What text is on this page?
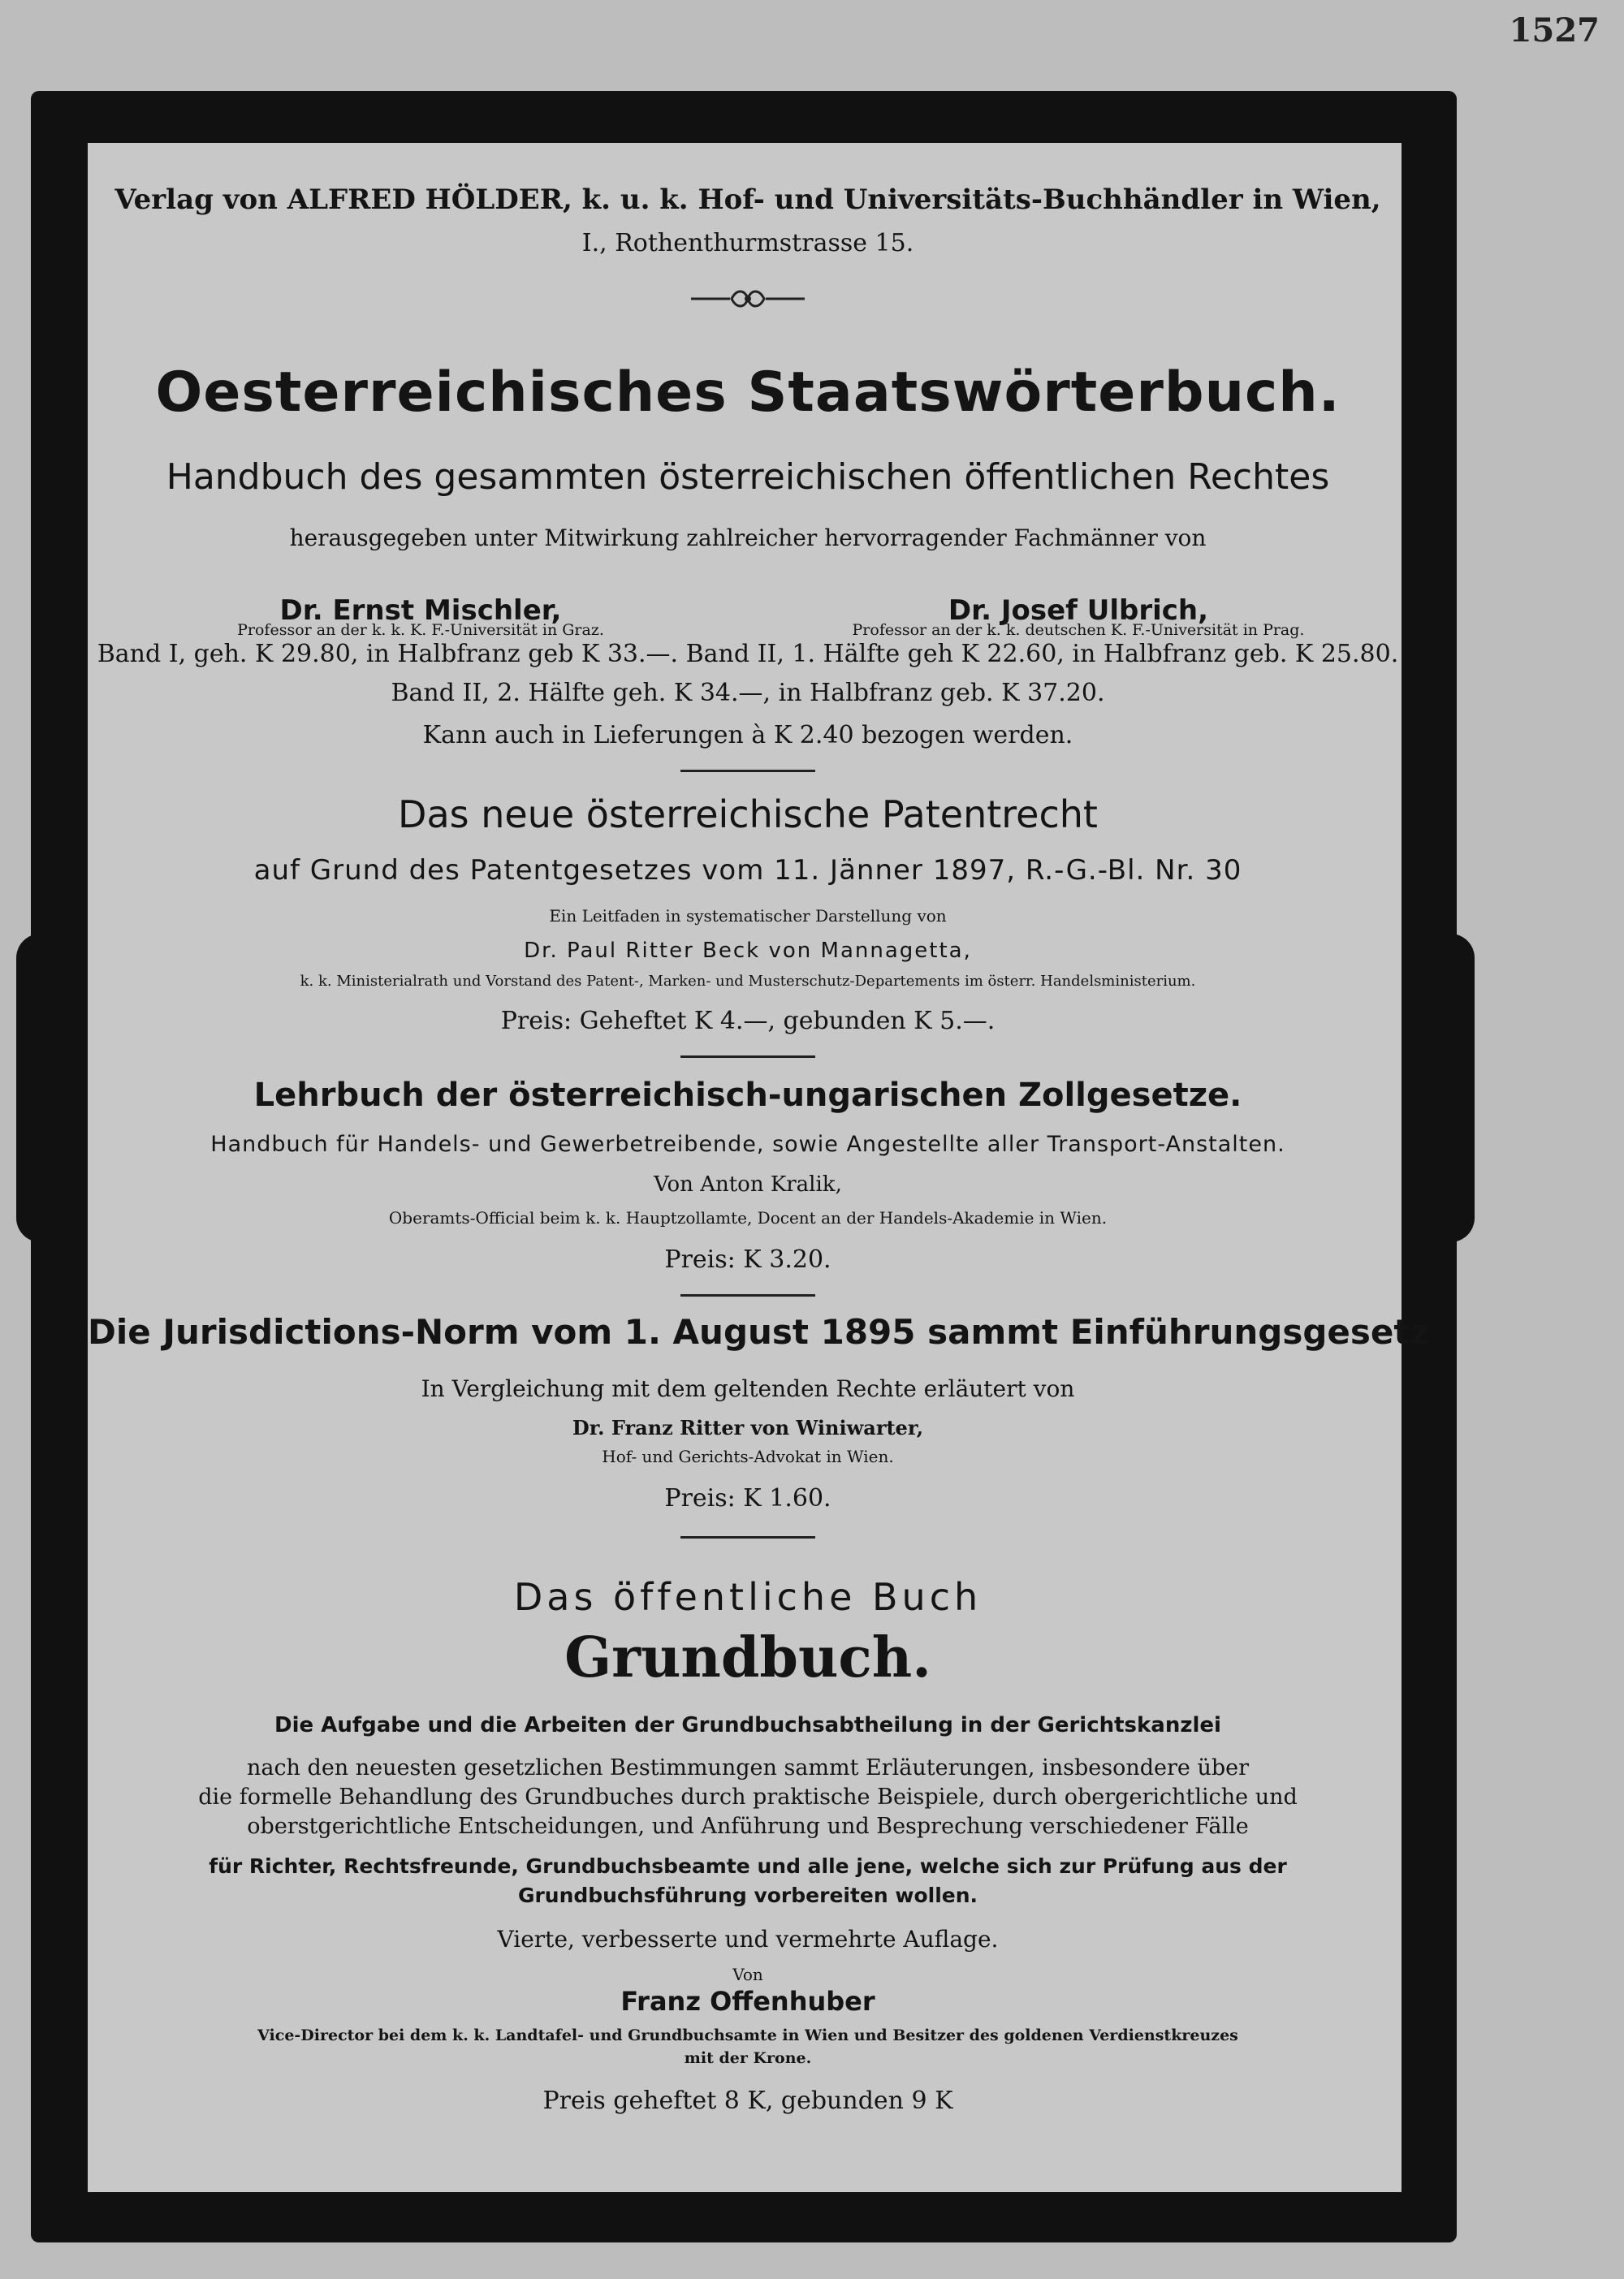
1527

Verlag von ALFRED HÖLDER, k. u. k. Hof- und Universitäts-Buchhändler in Wien,

I., Rothenthurmstrasse 15.

Oesterreichisches Staatswörterbuch.

Handbuch des gesammten österreichischen öffentlichen Rechtes

herausgegeben unter Mitwirkung zahlreicher hervorragender Fachmänner von

Dr. Ernst Mischler,

Professor an der k. k. K. F.-Universität in Graz.

Dr. Josef Ulbrich,

Professor an der k. k. deutschen K. F.-Universität in Prag.

Band I, geh. K 29.80, in Halbfranz geb K 33.—. Band II, 1. Hälfte geh K 22.60, in Halbfranz geb. K 25.80.

Band II, 2. Hälfte geh. K 34.—, in Halbfranz geb. K 37.20.

Kann auch in Lieferungen à K 2.40 bezogen werden.

Das neue österreichische Patentrecht

auf Grund des Patentgesetzes vom 11. Jänner 1897, R.-G.-Bl. Nr. 30

Ein Leitfaden in systematischer Darstellung von

Dr. Paul Ritter Beck von Mannagetta,

k. k. Ministerialrath und Vorstand des Patent-, Marken- und Musterschutz-Departements im österr. Handelsministerium.

Preis: Geheftet K 4.—, gebunden K 5.—.

Lehrbuch der österreichisch-ungarischen Zollgesetze.

Handbuch für Handels- und Gewerbetreibende, sowie Angestellte aller Transport-Anstalten.

Von Anton Kralik,

Oberamts-Official beim k. k. Hauptzollamte, Docent an der Handels-Akademie in Wien.

Preis: K 3.20.

Die Jurisdictions-Norm vom 1. August 1895 sammt Einführungsgesetz

In Vergleichung mit dem geltenden Rechte erläutert von

Dr. Franz Ritter von Winiwarter,

Hof- und Gerichts-Advokat in Wien.

Preis: K 1.60.

Das öffentliche Buch

Grundbuch.

Die Aufgabe und die Arbeiten der Grundbuchsabtheilung in der Gerichtskanzlei

nach den neuesten gesetzlichen Bestimmungen sammt Erläuterungen, insbesondere über

die formelle Behandlung des Grundbuches durch praktische Beispiele, durch obergerichtliche und

oberstgerichtliche Entscheidungen, und Anführung und Besprechung verschiedener Fälle

für Richter, Rechtsfreunde, Grundbuchsbeamte und alle jene, welche sich zur Prüfung aus der

Grundbuchsführung vorbereiten wollen.

Vierte, verbesserte und vermehrte Auflage.

Von

Franz Offenhuber

Vice-Director bei dem k. k. Landtafel- und Grundbuchsamte in Wien und Besitzer des goldenen Verdienstkreuzes

mit der Krone.

Preis geheftet 8 K, gebunden 9 K
